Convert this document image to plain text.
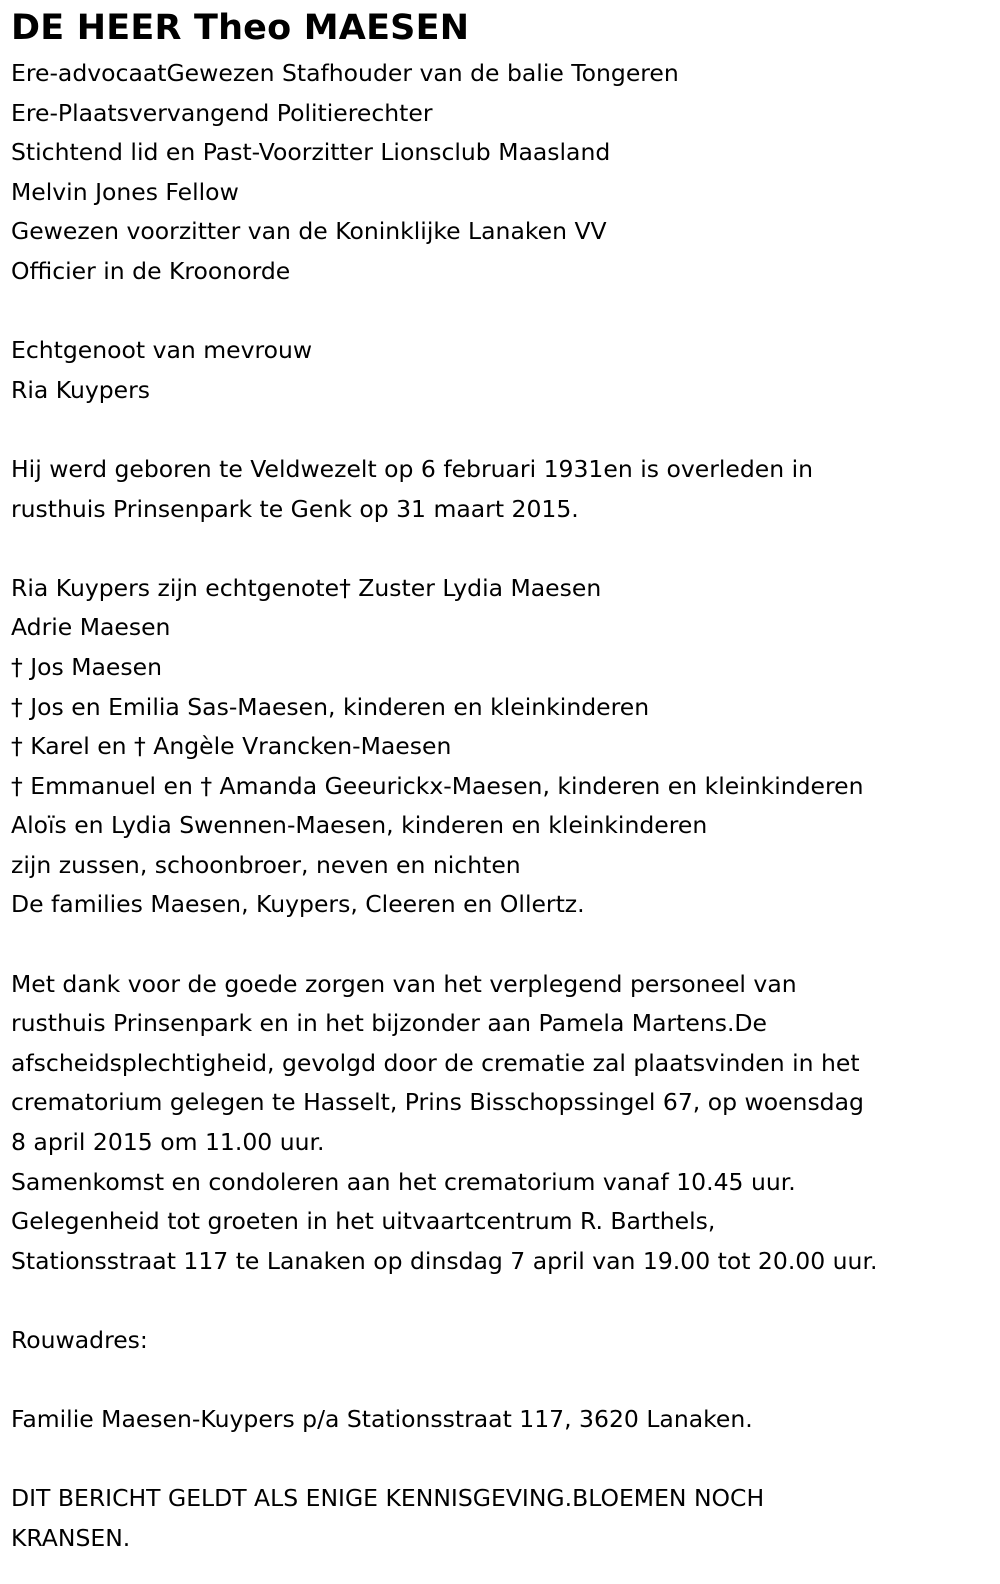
DE HEER Theo MAESEN
Ere-advocaatGewezen Stafhouder van de balie Tongeren
Ere-Plaatsvervangend Politierechter
Stichtend lid en Past-Voorzitter Lionsclub Maasland
Melvin Jones Fellow
Gewezen voorzitter van de Koninklijke Lanaken VV
Officier in de Kroonorde
Echtgenoot van mevrouw
Ria Kuypers
Hij werd geboren te Veldwezelt op 6 februari 1931en is overleden in
rusthuis Prinsenpark te Genk op 31 maart 2015.
Ria Kuypers zijn echtgenote† Zuster Lydia Maesen
Adrie Maesen
† Jos Maesen
† Jos en Emilia Sas-Maesen, kinderen en kleinkinderen
† Karel en † Angèle Vrancken-Maesen
† Emmanuel en † Amanda Geeurickx-Maesen, kinderen en kleinkinderen
Aloïs en Lydia Swennen-Maesen, kinderen en kleinkinderen
zijn zussen, schoonbroer, neven en nichten
De families Maesen, Kuypers, Cleeren en Ollertz.
Met dank voor de goede zorgen van het verplegend personeel van
rusthuis Prinsenpark en in het bijzonder aan Pamela Martens.De
afscheidsplechtigheid, gevolgd door de crematie zal plaatsvinden in het
crematorium gelegen te Hasselt, Prins Bisschopssingel 67, op woensdag
8 april 2015 om 11.00 uur.
Samenkomst en condoleren aan het crematorium vanaf 10.45 uur.
Gelegenheid tot groeten in het uitvaartcentrum R. Barthels,
Stationsstraat 117 te Lanaken op dinsdag 7 april van 19.00 tot 20.00 uur.
Rouwadres:
Familie Maesen-Kuypers p/a Stationsstraat 117, 3620 Lanaken.
DIT BERICHT GELDT ALS ENIGE KENNISGEVING.BLOEMEN NOCH
KRANSEN.
